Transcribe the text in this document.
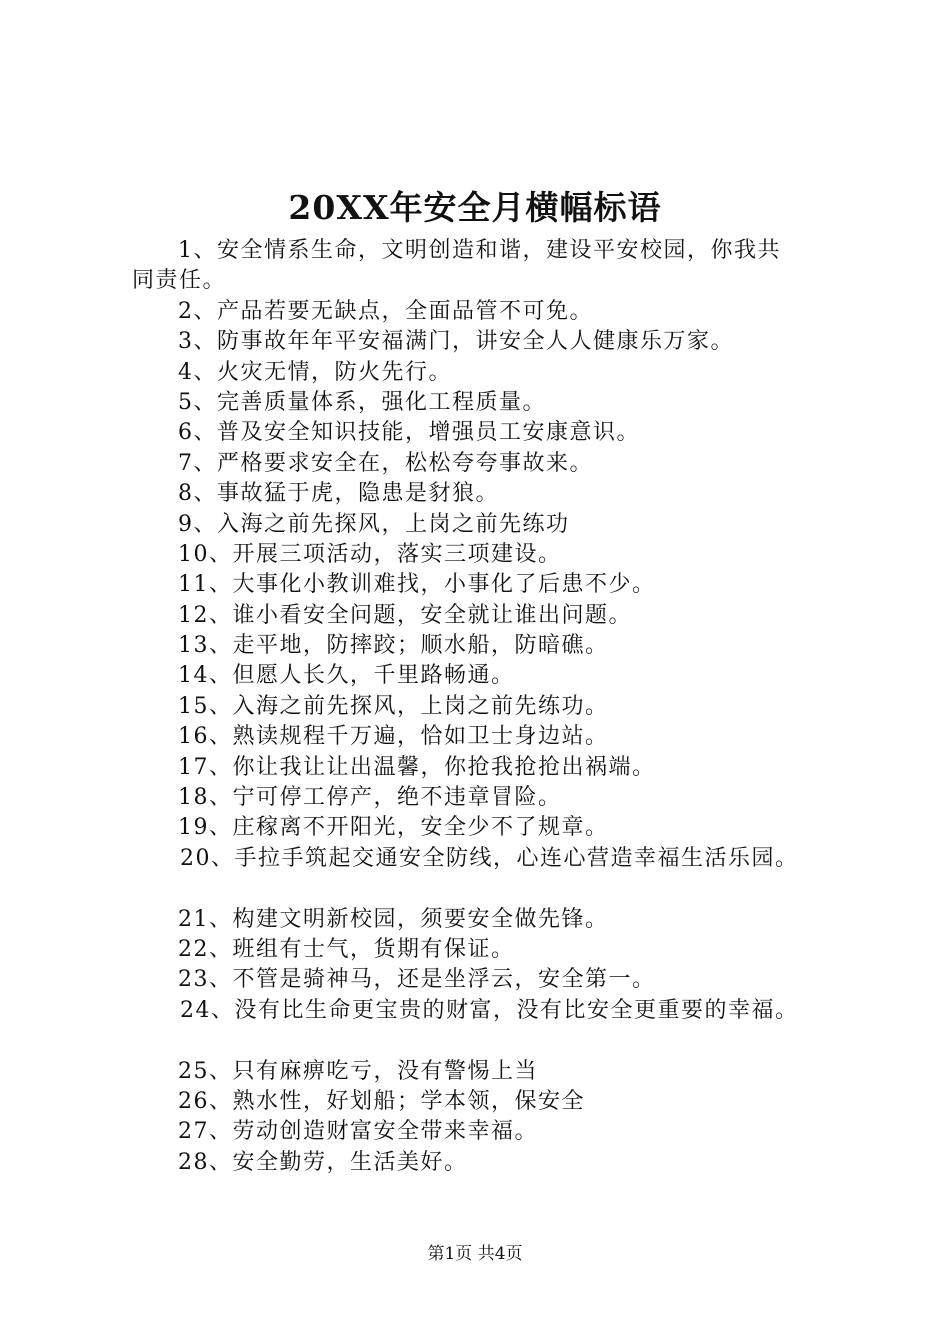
20XX年安全月横幅标语
1、安全情系生命，文明创造和谐，建设平安校园，你我共
同责任。
2、产品若要无缺点，全面品管不可免。
3、防事故年年平安福满门，讲安全人人健康乐万家。
4、火灾无情，防火先行。
5、完善质量体系，强化工程质量。
6、普及安全知识技能，增强员工安康意识。
7、严格要求安全在，松松夸夸事故来。
8、事故猛于虎，隐患是豺狼。
9、入海之前先探风，上岗之前先练功
10、开展三项活动，落实三项建设。
11、大事化小教训难找，小事化了后患不少。
12、谁小看安全问题，安全就让谁出问题。
13、走平地，防摔跤；顺水船，防暗礁。
14、但愿人长久，千里路畅通。
15、入海之前先探风，上岗之前先练功。
16、熟读规程千万遍，恰如卫士身边站。
17、你让我让让出温馨，你抢我抢抢出祸端。
18、宁可停工停产，绝不违章冒险。
19、庄稼离不开阳光，安全少不了规章。
20、手拉手筑起交通安全防线，心连心营造幸福生活乐园。
21、构建文明新校园，须要安全做先锋。
22、班组有士气，货期有保证。
23、不管是骑神马，还是坐浮云，安全第一。
24、没有比生命更宝贵的财富，没有比安全更重要的幸福。
25、只有麻痹吃亏，没有警惕上当
26、熟水性，好划船；学本领，保安全
27、劳动创造财富安全带来幸福。
28、安全勤劳，生活美好。
第1页 共4页
